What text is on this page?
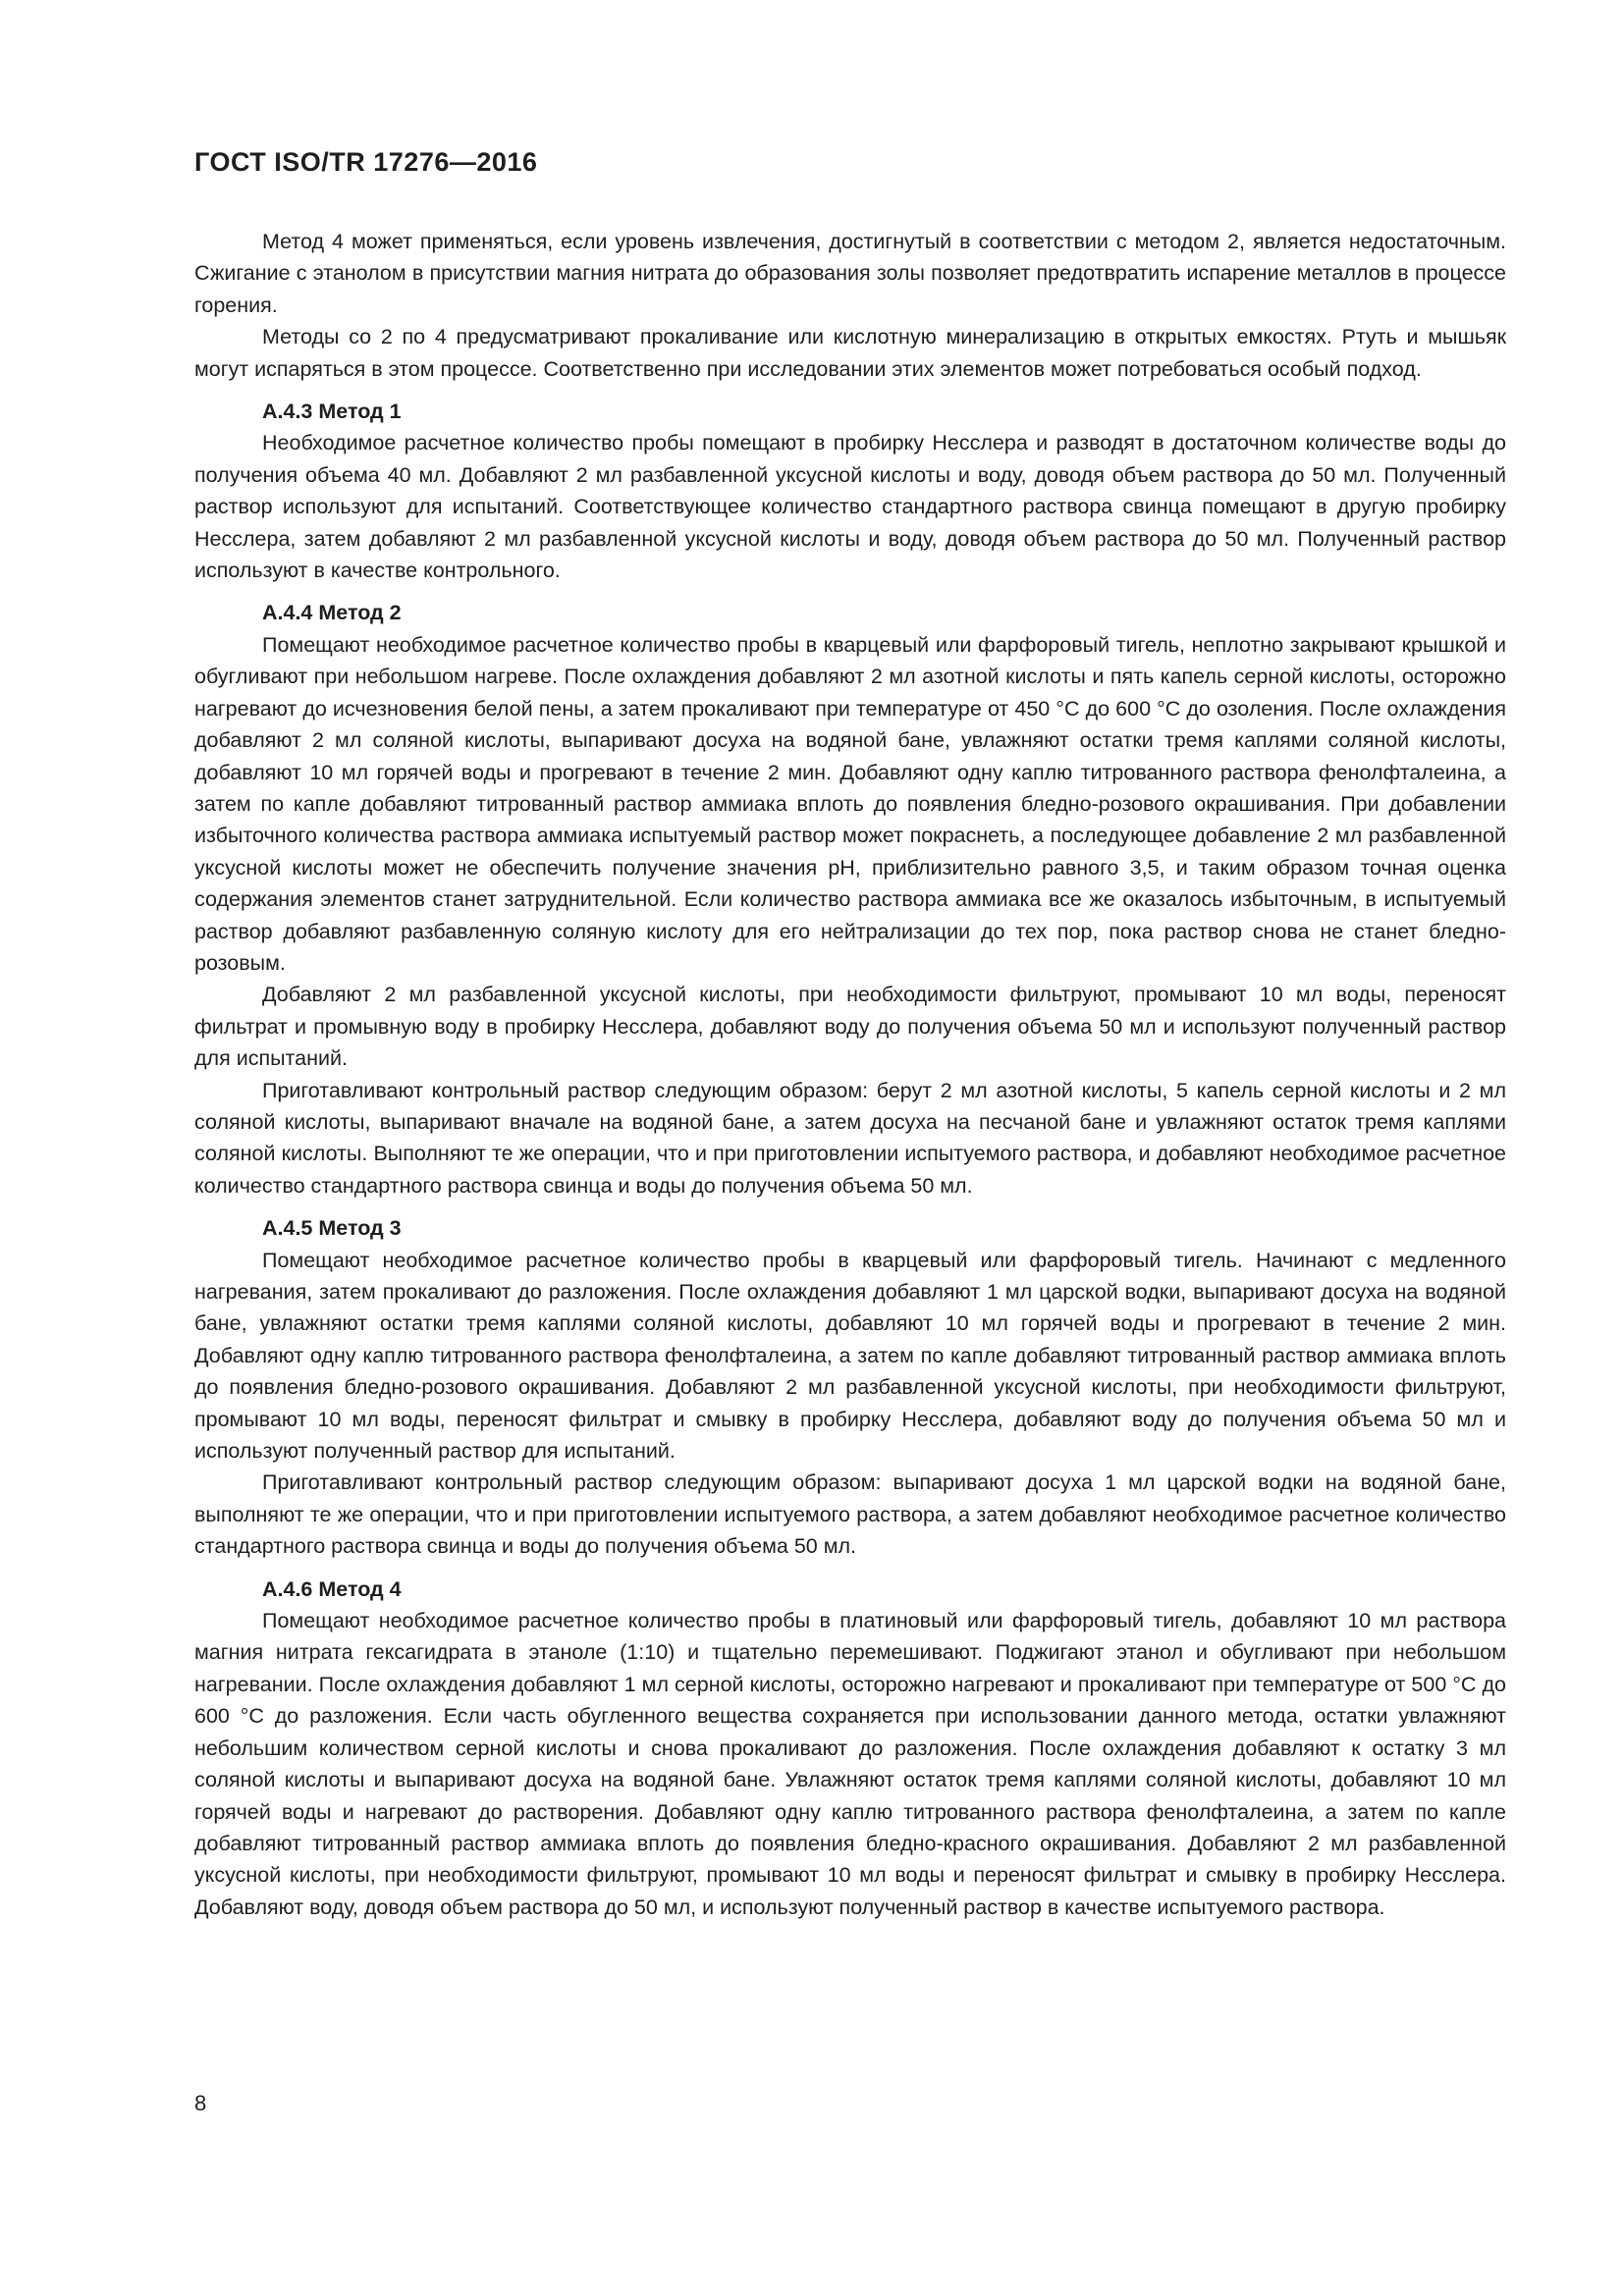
ГОСТ ISO/TR 17276—2016

Метод 4 может применяться, если уровень извлечения, достигнутый в соответствии с методом 2, является недостаточным. Сжигание с этанолом в присутствии магния нитрата до образования золы позволяет предотвратить испарение металлов в процессе горения.

Методы со 2 по 4 предусматривают прокаливание или кислотную минерализацию в открытых емкостях. Ртуть и мышьяк могут испаряться в этом процессе. Соответственно при исследовании этих элементов может потребоваться особый подход.

А.4.3 Метод 1

Необходимое расчетное количество пробы помещают в пробирку Несслера и разводят в достаточном количестве воды до получения объема 40 мл. Добавляют 2 мл разбавленной уксусной кислоты и воду, доводя объем раствора до 50 мл. Полученный раствор используют для испытаний. Соответствующее количество стандартного раствора свинца помещают в другую пробирку Несслера, затем добавляют 2 мл разбавленной уксусной кислоты и воду, доводя объем раствора до 50 мл. Полученный раствор используют в качестве контрольного.

А.4.4 Метод 2

Помещают необходимое расчетное количество пробы в кварцевый или фарфоровый тигель, неплотно закрывают крышкой и обугливают при небольшом нагреве. После охлаждения добавляют 2 мл азотной кислоты и пять капель серной кислоты, осторожно нагревают до исчезновения белой пены, а затем прокаливают при температуре от 450 °С до 600 °С до озоления. После охлаждения добавляют 2 мл соляной кислоты, выпаривают досуха на водяной бане, увлажняют остатки тремя каплями соляной кислоты, добавляют 10 мл горячей воды и прогревают в течение 2 мин. Добавляют одну каплю титрованного раствора фенолфталеина, а затем по капле добавляют титрованный раствор аммиака вплоть до появления бледно-розового окрашивания. При добавлении избыточного количества раствора аммиака испытуемый раствор может покраснеть, а последующее добавление 2 мл разбавленной уксусной кислоты может не обеспечить получение значения рН, приблизительно равного 3,5, и таким образом точная оценка содержания элементов станет затруднительной. Если количество раствора аммиака все же оказалось избыточным, в испытуемый раствор добавляют разбавленную соляную кислоту для его нейтрализации до тех пор, пока раствор снова не станет бледно-розовым.

Добавляют 2 мл разбавленной уксусной кислоты, при необходимости фильтруют, промывают 10 мл воды, переносят фильтрат и промывную воду в пробирку Несслера, добавляют воду до получения объема 50 мл и используют полученный раствор для испытаний.

Приготавливают контрольный раствор следующим образом: берут 2 мл азотной кислоты, 5 капель серной кислоты и 2 мл соляной кислоты, выпаривают вначале на водяной бане, а затем досуха на песчаной бане и увлажняют остаток тремя каплями соляной кислоты. Выполняют те же операции, что и при приготовлении испытуемого раствора, и добавляют необходимое расчетное количество стандартного раствора свинца и воды до получения объема 50 мл.

А.4.5 Метод 3

Помещают необходимое расчетное количество пробы в кварцевый или фарфоровый тигель. Начинают с медленного нагревания, затем прокаливают до разложения. После охлаждения добавляют 1 мл царской водки, выпаривают досуха на водяной бане, увлажняют остатки тремя каплями соляной кислоты, добавляют 10 мл горячей воды и прогревают в течение 2 мин. Добавляют одну каплю титрованного раствора фенолфталеина, а затем по капле добавляют титрованный раствор аммиака вплоть до появления бледно-розового окрашивания. Добавляют 2 мл разбавленной уксусной кислоты, при необходимости фильтруют, промывают 10 мл воды, переносят фильтрат и смывку в пробирку Несслера, добавляют воду до получения объема 50 мл и используют полученный раствор для испытаний.

Приготавливают контрольный раствор следующим образом: выпаривают досуха 1 мл царской водки на водяной бане, выполняют те же операции, что и при приготовлении испытуемого раствора, а затем добавляют необходимое расчетное количество стандартного раствора свинца и воды до получения объема 50 мл.

А.4.6 Метод 4

Помещают необходимое расчетное количество пробы в платиновый или фарфоровый тигель, добавляют 10 мл раствора магния нитрата гексагидрата в этаноле (1:10) и тщательно перемешивают. Поджигают этанол и обугливают при небольшом нагревании. После охлаждения добавляют 1 мл серной кислоты, осторожно нагревают и прокаливают при температуре от 500 °С до 600 °С до разложения. Если часть обугленного вещества сохраняется при использовании данного метода, остатки увлажняют небольшим количеством серной кислоты и снова прокаливают до разложения. После охлаждения добавляют к остатку 3 мл соляной кислоты и выпаривают досуха на водяной бане. Увлажняют остаток тремя каплями соляной кислоты, добавляют 10 мл горячей воды и нагревают до растворения. Добавляют одну каплю титрованного раствора фенолфталеина, а затем по капле добавляют титрованный раствор аммиака вплоть до появления бледно-красного окрашивания. Добавляют 2 мл разбавленной уксусной кислоты, при необходимости фильтруют, промывают 10 мл воды и переносят фильтрат и смывку в пробирку Несслера. Добавляют воду, доводя объем раствора до 50 мл, и используют полученный раствор в качестве испытуемого раствора.

8
